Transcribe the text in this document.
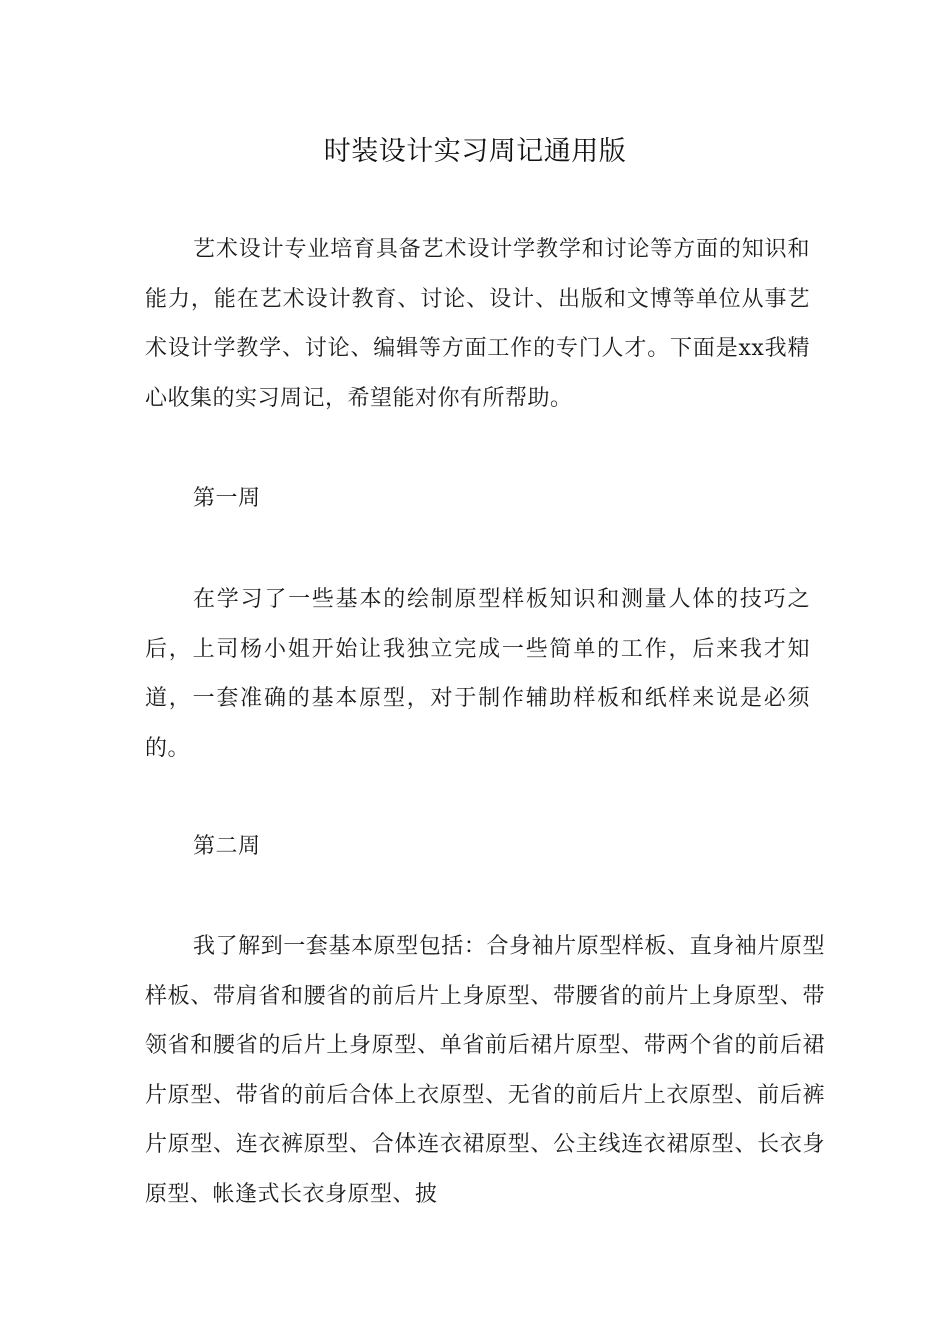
时装设计实习周记通用版

艺术设计专业培育具备艺术设计学教学和讨论等方面的知识和能力，能在艺术设计教育、讨论、设计、出版和文博等单位从事艺术设计学教学、讨论、编辑等方面工作的专门人才。下面是xx我精心收集的实习周记，希望能对你有所帮助。

第一周

在学习了一些基本的绘制原型样板知识和测量人体的技巧之后，上司杨小姐开始让我独立完成一些简单的工作，后来我才知道，一套准确的基本原型，对于制作辅助样板和纸样来说是必须的。

第二周

我了解到一套基本原型包括：合身袖片原型样板、直身袖片原型样板、带肩省和腰省的前后片上身原型、带腰省的前片上身原型、带领省和腰省的后片上身原型、单省前后裙片原型、带两个省的前后裙片原型、带省的前后合体上衣原型、无省的前后片上衣原型、前后裤片原型、连衣裤原型、合体连衣裙原型、公主线连衣裙原型、长衣身原型、帐逢式长衣身原型、披
